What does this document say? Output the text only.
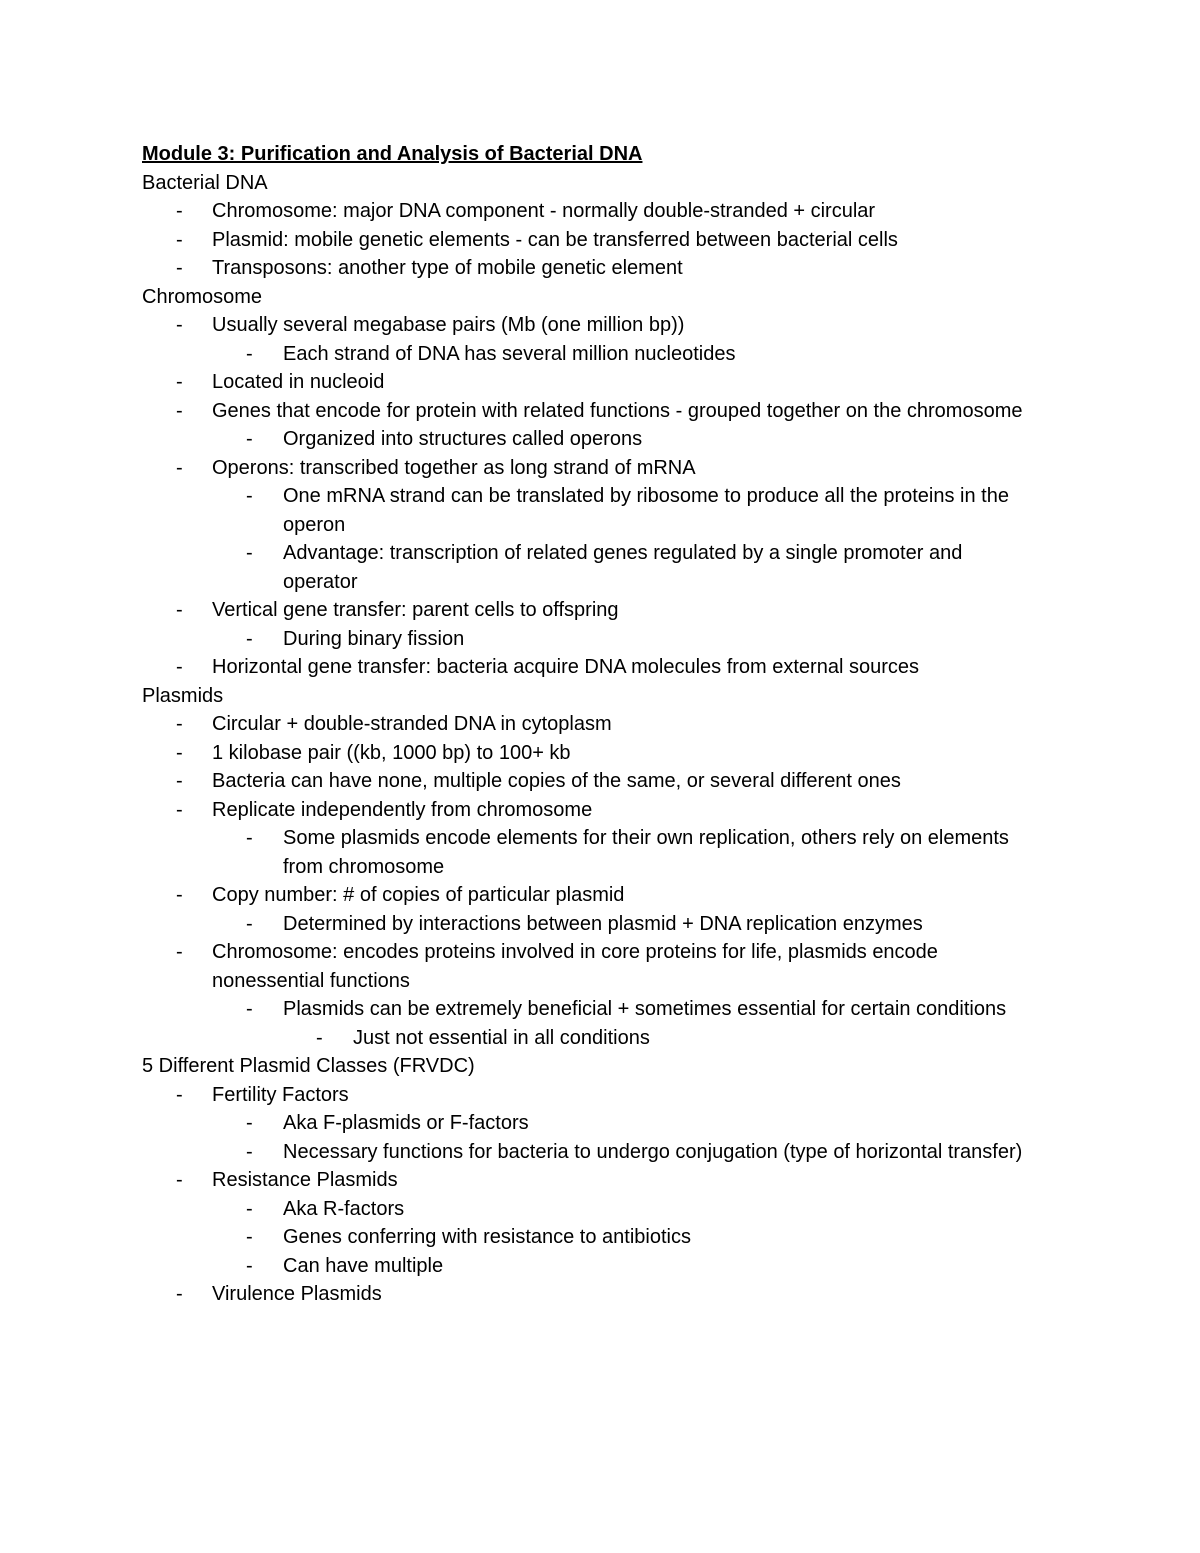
Module 3: Purification and Analysis of Bacterial DNA
Bacterial DNA
- Chromosome: major DNA component - normally double-stranded + circular
- Plasmid: mobile genetic elements - can be transferred between bacterial cells
- Transposons: another type of mobile genetic element
Chromosome
- Usually several megabase pairs (Mb (one million bp))
- Each strand of DNA has several million nucleotides
- Located in nucleoid
- Genes that encode for protein with related functions - grouped together on the chromosome
- Organized into structures called operons
- Operons: transcribed together as long strand of mRNA
- One mRNA strand can be translated by ribosome to produce all the proteins in the operon
- Advantage: transcription of related genes regulated by a single promoter and operator
- Vertical gene transfer: parent cells to offspring
- During binary fission
- Horizontal gene transfer: bacteria acquire DNA molecules from external sources
Plasmids
- Circular + double-stranded DNA in cytoplasm
- 1 kilobase pair ((kb, 1000 bp) to 100+ kb
- Bacteria can have none, multiple copies of the same, or several different ones
- Replicate independently from chromosome
- Some plasmids encode elements for their own replication, others rely on elements from chromosome
- Copy number: # of copies of particular plasmid
- Determined by interactions between plasmid + DNA replication enzymes
- Chromosome: encodes proteins involved in core proteins for life, plasmids encode nonessential functions
- Plasmids can be extremely beneficial + sometimes essential for certain conditions
- Just not essential in all conditions
5 Different Plasmid Classes (FRVDC)
- Fertility Factors
- Aka F-plasmids or F-factors
- Necessary functions for bacteria to undergo conjugation (type of horizontal transfer)
- Resistance Plasmids
- Aka R-factors
- Genes conferring with resistance to antibiotics
- Can have multiple
- Virulence Plasmids
